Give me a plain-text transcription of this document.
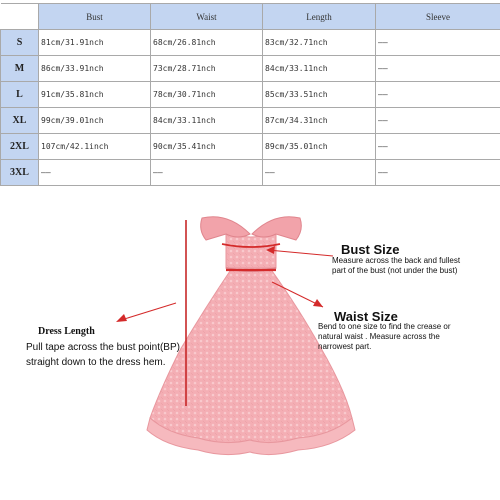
	Bust	Waist	Length	Sleeve
S	81cm/31.91nch	68cm/26.81nch	83cm/32.71nch	——
M	86cm/33.91nch	73cm/28.71nch	84cm/33.11nch	——
L	91cm/35.81nch	78cm/30.71nch	85cm/33.51nch	——
XL	99cm/39.01nch	84cm/33.11nch	87cm/34.31nch	——
2XL	107cm/42.1inch	90cm/35.41nch	89cm/35.01nch	——
3XL	——	——	——	——
Bust Size
Measure across the back and fullest
part of the bust (not under the bust)
Waist Size
Bend to one size to find the crease or
natural waist . Measure across the
narrowest part.
Dress Length
Pull tape across the bust point(BP)
straight down to the dress hem.
